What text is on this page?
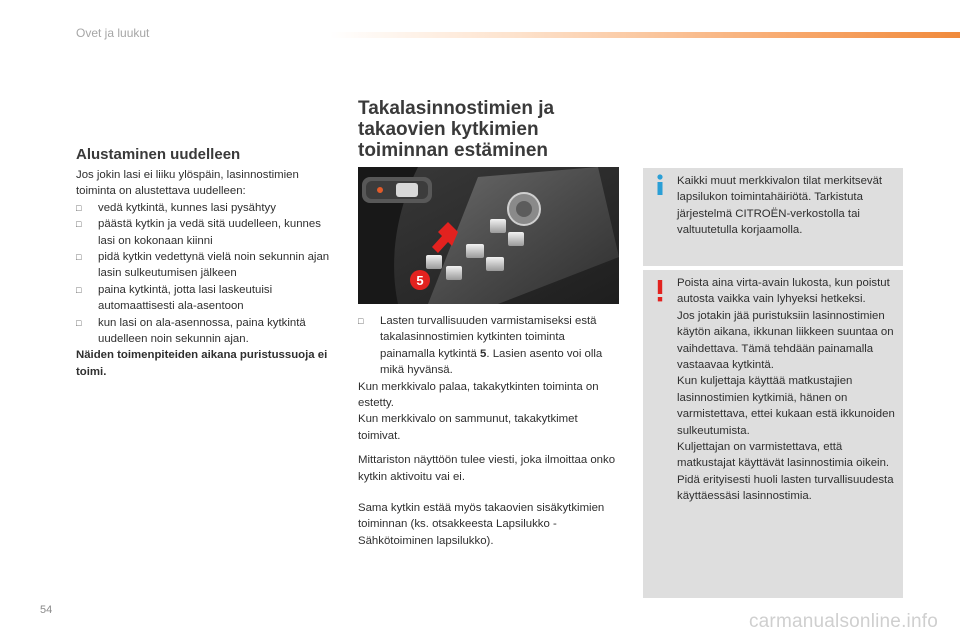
Ovet ja luukut
Alustaminen uudelleen

Jos jokin lasi ei liiku ylöspäin, lasinnostimien toiminta on alustettava uudelleen:

□ vedä kytkintä, kunnes lasi pysähtyy

□ päästä kytkin ja vedä sitä uudelleen, kunnes lasi on kokonaan kiinni

□ pidä kytkin vedettynä vielä noin sekunnin ajan lasin sulkeutumisen jälkeen

□ paina kytkintä, jotta lasi laskeutuisi automaattisesti ala-asentoon

□ kun lasi on ala-asennossa, paina kytkintä uudelleen noin sekunnin ajan.

Näiden toimenpiteiden aikana puristussuoja ei toimi.

Takalasinnostimien ja takaovien kytkimien toiminnan estäminen
5

□ Lasten turvallisuuden varmistamiseksi estä takalasinnostimien kytkinten toiminta painamalla kytkintä 5. Lasien asento voi olla mikä hyvänsä.

Kun merkkivalo palaa, takakytkinten toiminta on estetty.

Kun merkkivalo on sammunut, takakytkimet toimivat.

Mittariston näyttöön tulee viesti, joka ilmoittaa onko kytkin aktivoitu vai ei.

Sama kytkin estää myös takaovien sisäkytkimien toiminnan (ks. otsakkeesta Lapsilukko - Sähkötoiminen lapsilukko).

Kaikki muut merkkivalon tilat merkitsevät lapsilukon toimintahäiriötä. Tarkistuta järjestelmä CITROËN-verkostolla tai valtuutetulla korjaamolla.

Poista aina virta-avain lukosta, kun poistut autosta vaikka vain lyhyeksi hetkeksi.

Jos jotakin jää puristuksiin lasinnostimien käytön aikana, ikkunan liikkeen suuntaa on vaihdettava. Tämä tehdään painamalla vastaavaa kytkintä.

Kun kuljettaja käyttää matkustajien lasinnostimien kytkimiä, hänen on varmistettava, ettei kukaan estä ikkunoiden sulkeutumista.

Kuljettajan on varmistettava, että matkustajat käyttävät lasinnostimia oikein.

Pidä erityisesti huoli lasten turvallisuudesta käyttäessäsi lasinnostimia.

54
carmanualsonline.info
